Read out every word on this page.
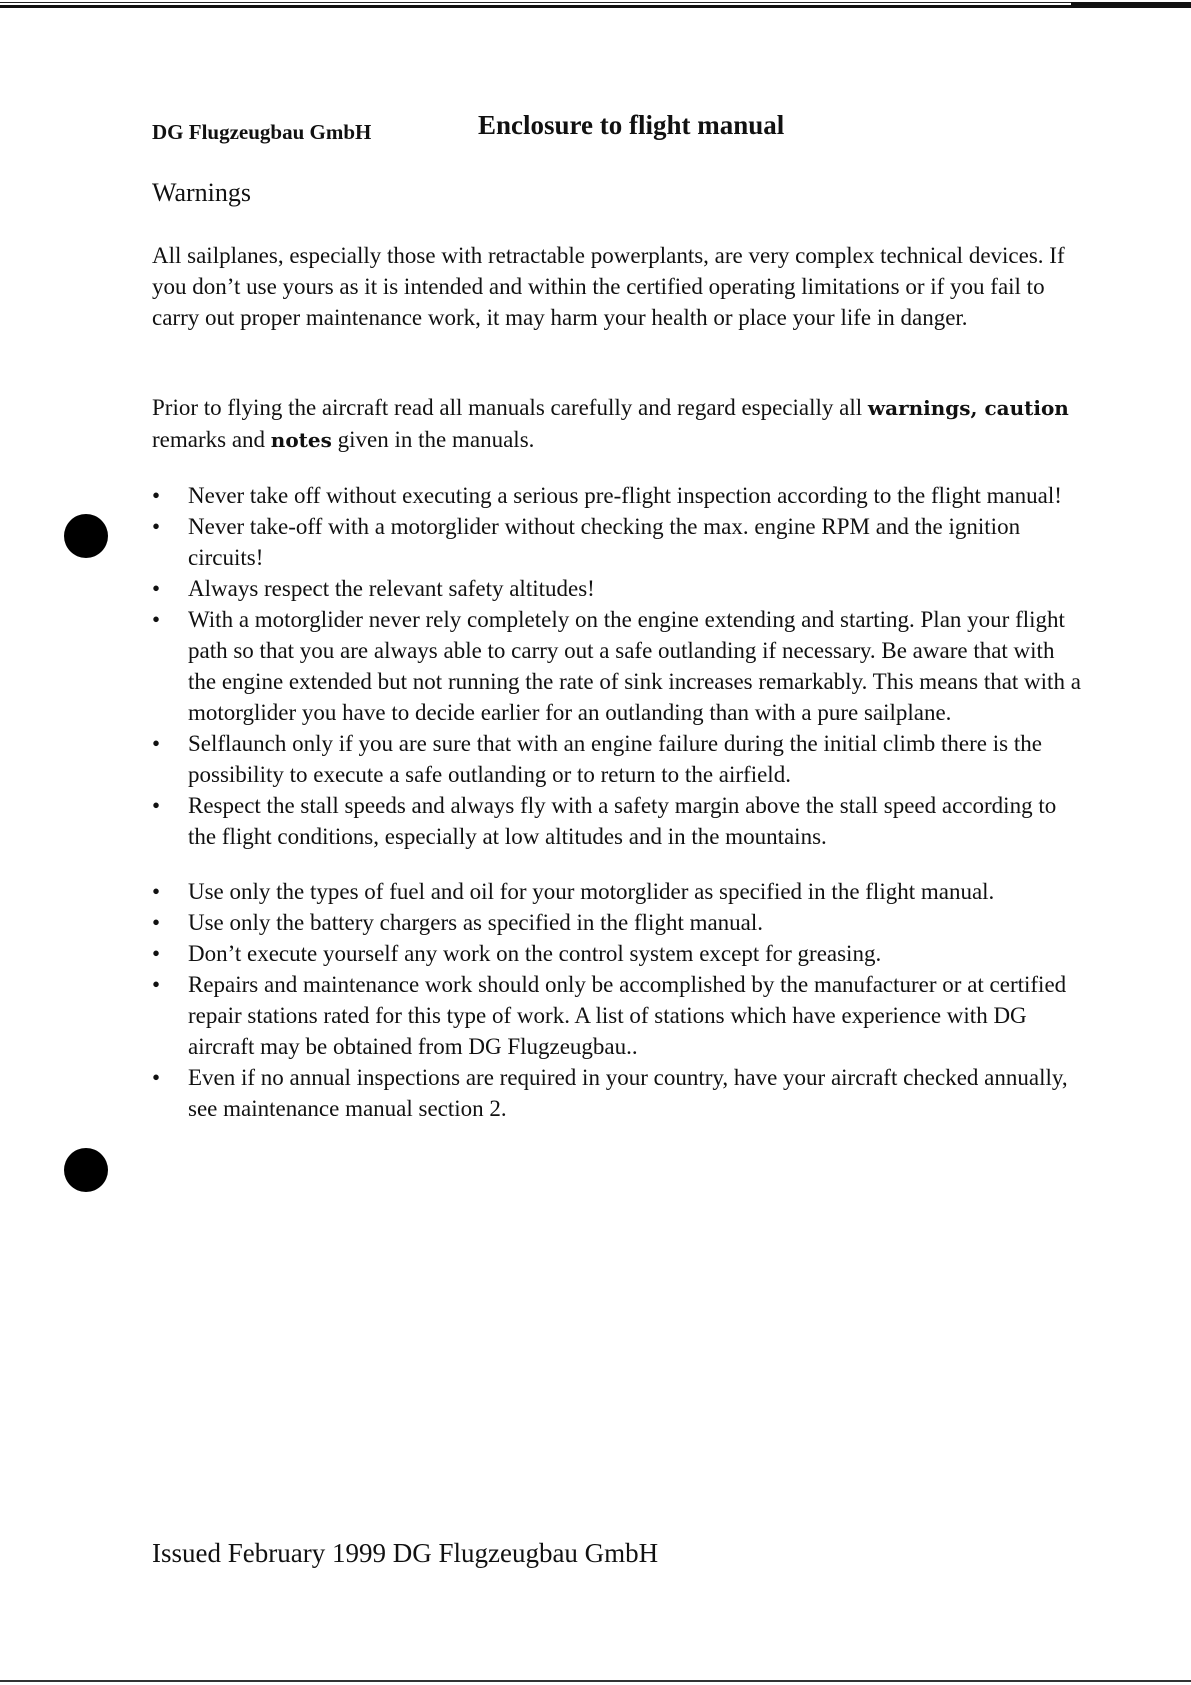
DG Flugzeugbau GmbH	Enclosure to flight manual
Warnings

All sailplanes, especially those with retractable powerplants, are very complex technical devices. If you don’t use yours as it is intended and within the certified operating limitations or if you fail to carry out proper maintenance work, it may harm your health or place your life in danger.

Prior to flying the aircraft read all manuals carefully and regard especially all warnings, caution remarks and notes given in the manuals.

• Never take off without executing a serious pre-flight inspection according to the flight manual!
• Never take-off with a motorglider without checking the max. engine RPM and the ignition circuits!
• Always respect the relevant safety altitudes!
• With a motorglider never rely completely on the engine extending and starting. Plan your flight path so that you are always able to carry out a safe outlanding if necessary. Be aware that with the engine extended but not running the rate of sink increases remarkably. This means that with a motorglider you have to decide earlier for an outlanding than with a pure sailplane.
• Selflaunch only if you are sure that with an engine failure during the initial climb there is the possibility to execute a safe outlanding or to return to the airfield.
• Respect the stall speeds and always fly with a safety margin above the stall speed according to the flight conditions, especially at low altitudes and in the mountains.
• Use only the types of fuel and oil for your motorglider as specified in the flight manual.
• Use only the battery chargers as specified in the flight manual.
• Don’t execute yourself any work on the control system except for greasing.
• Repairs and maintenance work should only be accomplished by the manufacturer or at certified repair stations rated for this type of work. A list of stations which have experience with DG aircraft may be obtained from DG Flugzeugbau..
• Even if no annual inspections are required in your country, have your aircraft checked annually, see maintenance manual section 2.
Issued February 1999 DG Flugzeugbau GmbH
